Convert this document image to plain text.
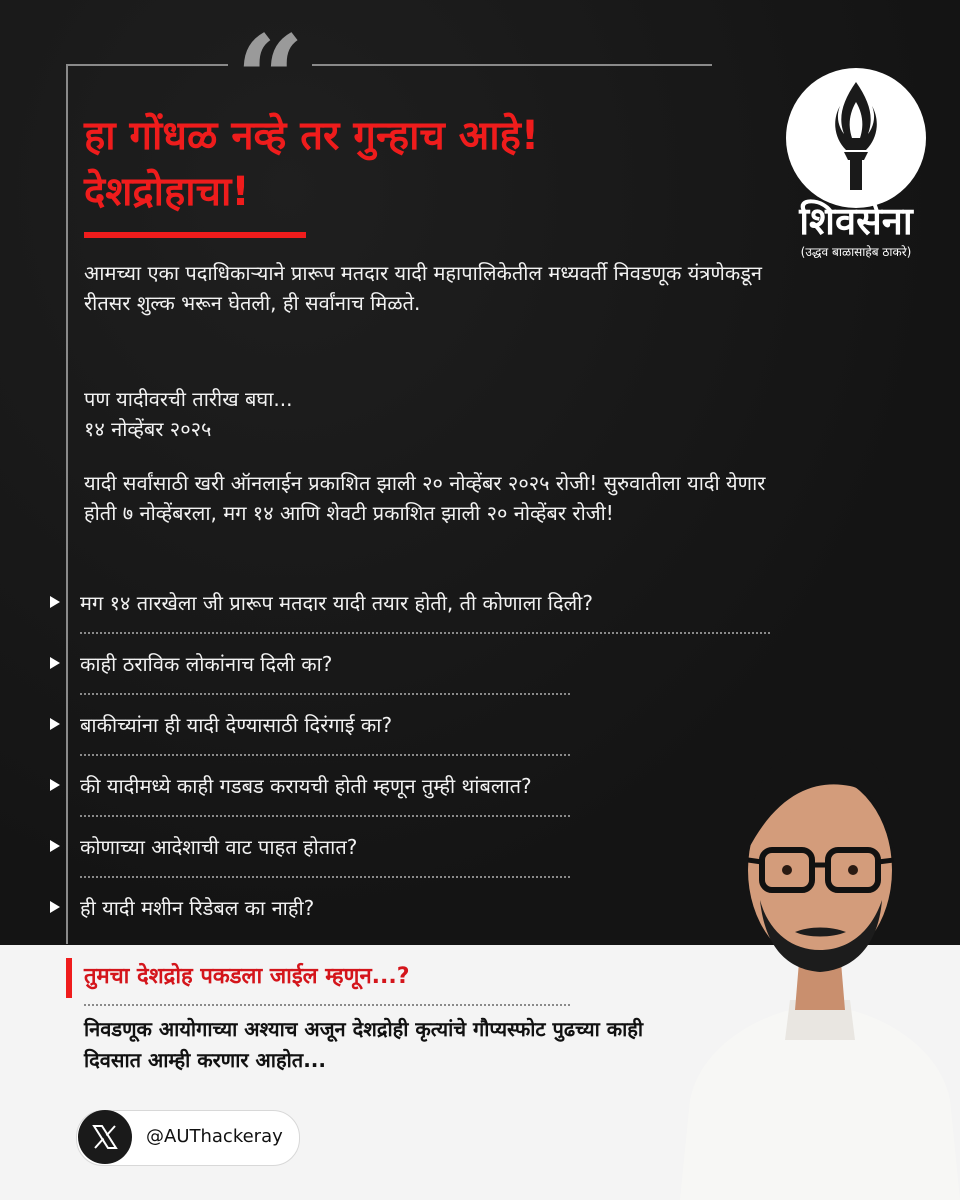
“
हा गोंधळ नव्हे तर गुन्हाच आहे!
देशद्रोहाचा!

आमच्या एका पदाधिकाऱ्याने प्रारूप मतदार यादी महापालिकेतील मध्यवर्ती निवडणूक यंत्रणेकडून रीतसर शुल्क भरून घेतली, ही सर्वांनाच मिळते.

पण यादीवरची तारीख बघा...
१४ नोव्हेंबर २०२५

यादी सर्वांसाठी खरी ऑनलाईन प्रकाशित झाली २० नोव्हेंबर २०२५ रोजी! सुरुवातीला यादी येणार होती ७ नोव्हेंबरला, मग १४ आणि शेवटी प्रकाशित झाली २० नोव्हेंबर रोजी!

मग १४ तारखेला जी प्रारूप मतदार यादी तयार होती, ती कोणाला दिली?
काही ठराविक लोकांनाच दिली का?
बाकीच्यांना ही यादी देण्यासाठी दिरंगाई का?
की यादीमध्ये काही गडबड करायची होती म्हणून तुम्ही थांबलात?
कोणाच्या आदेशाची वाट पाहत होतात?
ही यादी मशीन रिडेबल का नाही?
शिवसेना
(उद्धव बाळासाहेब ठाकरे)
तुमचा देशद्रोह पकडला जाईल म्हणून...?

निवडणूक आयोगाच्या अश्याच अजून देशद्रोही कृत्यांचे गौप्यस्फोट पुढच्या काही दिवसात आम्ही करणार आहोत...

@AUThackeray
